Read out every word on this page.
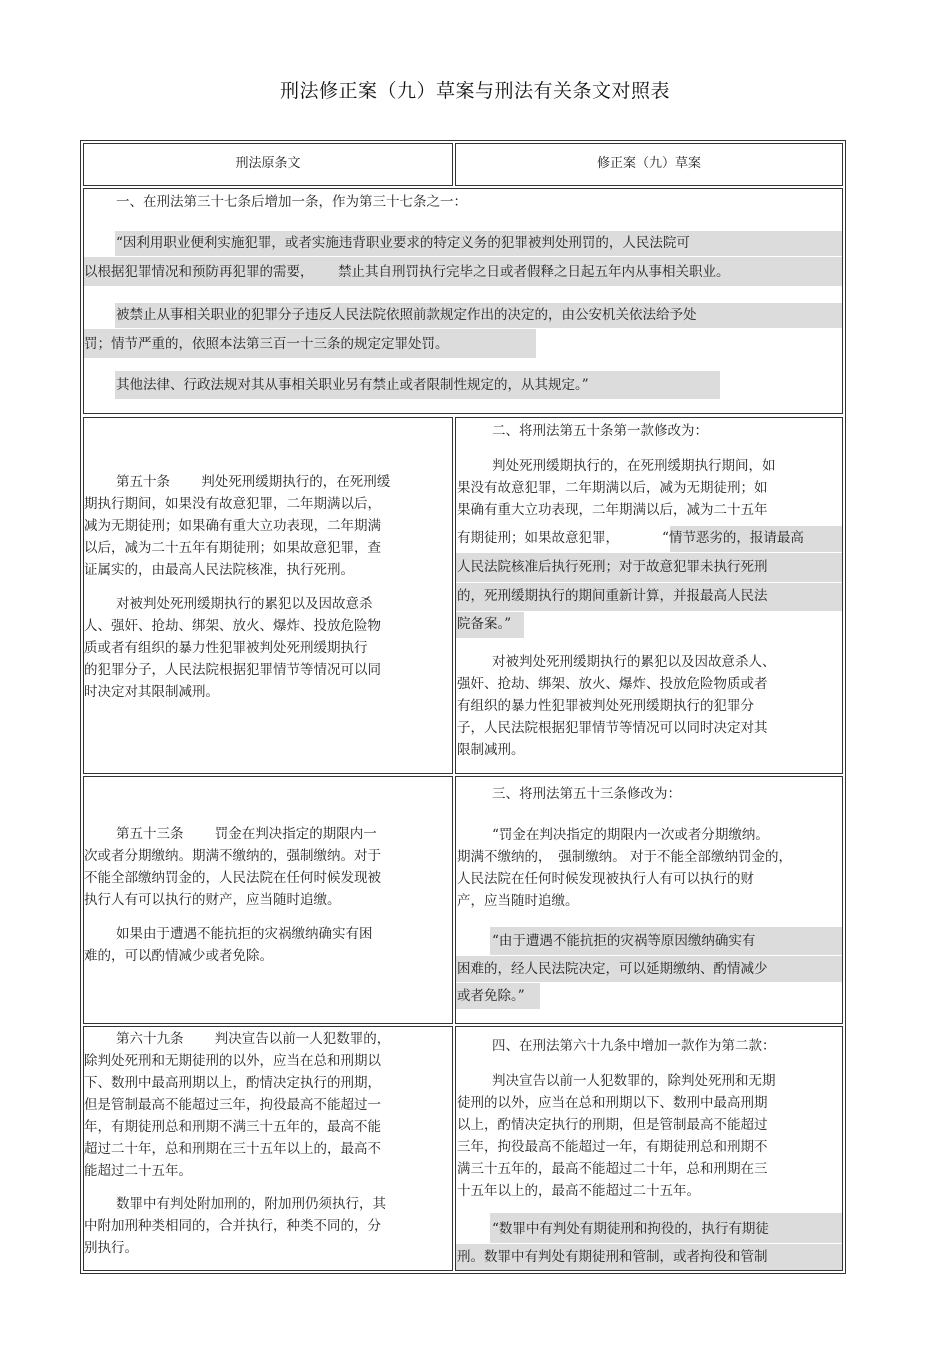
刑法修正案（九）草案与刑法有关条文对照表
刑法原条文	修正案（九）草案
一、在刑法第三十七条后增加一条，作为第三十七条之一：
“因利用职业便利实施犯罪，或者实施违背职业要求的特定义务的犯罪被判处刑罚的，人民法院可
以根据犯罪情况和预防再犯罪的需要，　　 禁止其自刑罚执行完毕之日或者假释之日起五年内从事相关职业。
被禁止从事相关职业的犯罪分子违反人民法院依照前款规定作出的决定的，由公安机关依法给予处
罚；情节严重的，依照本法第三百一十三条的规定定罪处罚。
其他法律、行政法规对其从事相关职业另有禁止或者限制性规定的，从其规定。”
第五十条　　 判处死刑缓期执行的，在死刑缓
期执行期间，如果没有故意犯罪，二年期满以后，
减为无期徒刑；如果确有重大立功表现，二年期满
以后，减为二十五年有期徒刑；如果故意犯罪，查
证属实的，由最高人民法院核准，执行死刑。
对被判处死刑缓期执行的累犯以及因故意杀
人、强奸、抢劫、绑架、放火、爆炸、投放危险物
质或者有组织的暴力性犯罪被判处死刑缓期执行
的犯罪分子，人民法院根据犯罪情节等情况可以同
时决定对其限制减刑。
二、将刑法第五十条第一款修改为：
判处死刑缓期执行的，在死刑缓期执行期间，如
果没有故意犯罪，二年期满以后，减为无期徒刑；如
果确有重大立功表现，二年期满以后，减为二十五年
有期徒刑；如果故意犯罪，	“情节恶劣的，报请最高
人民法院核准后执行死刑；对于故意犯罪未执行死刑
的，死刑缓期执行的期间重新计算，并报最高人民法
院备案。”
对被判处死刑缓期执行的累犯以及因故意杀人、
强奸、抢劫、绑架、放火、爆炸、投放危险物质或者
有组织的暴力性犯罪被判处死刑缓期执行的犯罪分
子，人民法院根据犯罪情节等情况可以同时决定对其
限制减刑。
第五十三条　　 罚金在判决指定的期限内一
次或者分期缴纳。期满不缴纳的，强制缴纳。对于
不能全部缴纳罚金的，人民法院在任何时候发现被
执行人有可以执行的财产，应当随时追缴。
如果由于遭遇不能抗拒的灾祸缴纳确实有困
难的，可以酌情减少或者免除。
三、将刑法第五十三条修改为：
“罚金在判决指定的期限内一次或者分期缴纳。
期满不缴纳的，　强制缴纳。 对于不能全部缴纳罚金的，
人民法院在任何时候发现被执行人有可以执行的财
产，应当随时追缴。
“由于遭遇不能抗拒的灾祸等原因缴纳确实有
困难的，经人民法院决定，可以延期缴纳、酌情减少
或者免除。”
第六十九条　　 判决宣告以前一人犯数罪的，
除判处死刑和无期徒刑的以外，应当在总和刑期以
下、数刑中最高刑期以上，酌情决定执行的刑期，
但是管制最高不能超过三年，拘役最高不能超过一
年，有期徒刑总和刑期不满三十五年的，最高不能
超过二十年，总和刑期在三十五年以上的，最高不
能超过二十五年。
数罪中有判处附加刑的，附加刑仍须执行，其
中附加刑种类相同的，合并执行，种类不同的，分
别执行。
四、在刑法第六十九条中增加一款作为第二款：
判决宣告以前一人犯数罪的，除判处死刑和无期
徒刑的以外，应当在总和刑期以下、数刑中最高刑期
以上，酌情决定执行的刑期，但是管制最高不能超过
三年，拘役最高不能超过一年，有期徒刑总和刑期不
满三十五年的，最高不能超过二十年，总和刑期在三
十五年以上的，最高不能超过二十五年。
“数罪中有判处有期徒刑和拘役的，执行有期徒
刑。数罪中有判处有期徒刑和管制，或者拘役和管制
